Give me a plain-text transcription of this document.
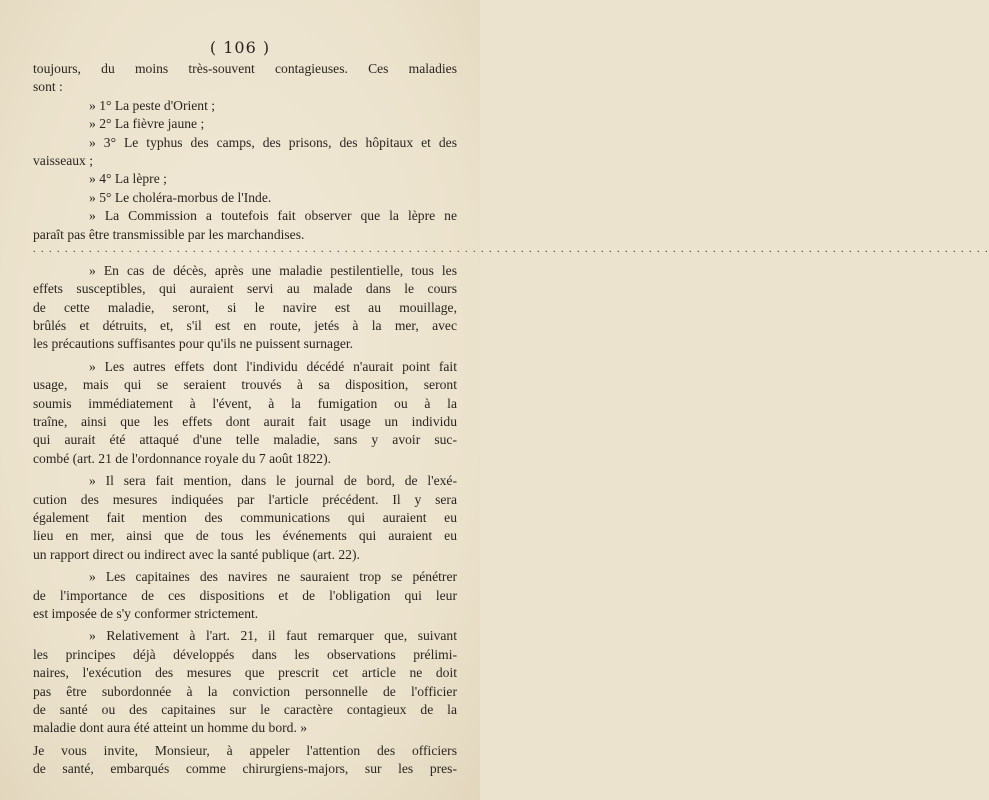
( 106 )
toujours, du moins très-souvent contagieuses. Ces maladies
sont :
» 1° La peste d'Orient ;
» 2° La fièvre jaune ;
» 3° Le typhus des camps, des prisons, des hôpitaux et des
vaisseaux ;
» 4° La lèpre ;
» 5° Le choléra-morbus de l'Inde.
» La Commission a toutefois fait observer que la lèpre ne
paraît pas être transmissible par les marchandises.
. . . . . . . . . . . . . . . . . . . . . . . . . . . . . . . . . . . . . . . . . . . . . . . . . . . . . . . . . . . . . . . . . . . . . . . . . . . . . . . . . . . . . . . . . . . . . . . . . . . . . . . . . . . . . . . . . . . . . . . .
» En cas de décès, après une maladie pestilentielle, tous les
effets susceptibles, qui auraient servi au malade dans le cours
de cette maladie, seront, si le navire est au mouillage,
brûlés et détruits, et, s'il est en route, jetés à la mer, avec
les précautions suffisantes pour qu'ils ne puissent surnager.
» Les autres effets dont l'individu décédé n'aurait point fait
usage, mais qui se seraient trouvés à sa disposition, seront
soumis immédiatement à l'évent, à la fumigation ou à la
traîne, ainsi que les effets dont aurait fait usage un individu
qui aurait été attaqué d'une telle maladie, sans y avoir suc-
combé (art. 21 de l'ordonnance royale du 7 août 1822).
» Il sera fait mention, dans le journal de bord, de l'exé-
cution des mesures indiquées par l'article précédent. Il y sera
également fait mention des communications qui auraient eu
lieu en mer, ainsi que de tous les événements qui auraient eu
un rapport direct ou indirect avec la santé publique (art. 22).
» Les capitaines des navires ne sauraient trop se pénétrer
de l'importance de ces dispositions et de l'obligation qui leur
est imposée de s'y conformer strictement.
» Relativement à l'art. 21, il faut remarquer que, suivant
les principes déjà développés dans les observations prélimi-
naires, l'exécution des mesures que prescrit cet article ne doit
pas être subordonnée à la conviction personnelle de l'officier
de santé ou des capitaines sur le caractère contagieux de la
maladie dont aura été atteint un homme du bord. »
Je vous invite, Monsieur, à appeler l'attention des officiers
de santé, embarqués comme chirurgiens-majors, sur les pres-
